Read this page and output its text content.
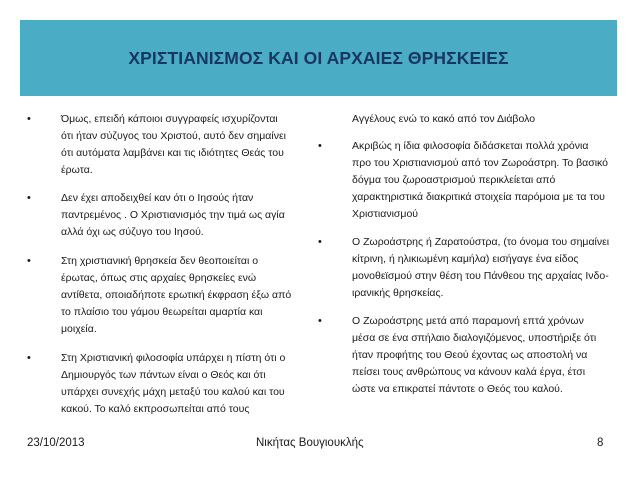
ΧΡΙΣΤΙΑΝΙΣΜΟΣ ΚΑΙ ΟΙ ΑΡΧΑΙΕΣ ΘΡΗΣΚΕΙΕΣ
•	Όμως, επειδή κάποιοι συγγραφείς ισχυρίζονται ότι ήταν σύζυγος του Χριστού, αυτό δεν σημαίνει ότι αυτόματα λαμβάνει και τις ιδιότητες Θεάς του έρωτα.
•	Δεν έχει αποδειχθεί καν ότι ο Ιησούς ήταν παντρεμένος . Ο Χριστιανισμός την τιμά ως αγία αλλά όχι ως σύζυγο του Ιησού.
•	Στη χριστιανική θρησκεία δεν θεοποιείται ο έρωτας, όπως στις αρχαίες θρησκείες ενώ αντίθετα, οποιαδήποτε ερωτική έκφραση έξω από το πλαίσιο του γάμου θεωρείται αμαρτία και μοιχεία.
•	Στη Χριστιανική φιλοσοφία υπάρχει η πίστη ότι ο Δημιουργός των πάντων είναι ο Θεός και ότι υπάρχει συνεχής μάχη μεταξύ του καλού και του κακού. Το καλό εκπροσωπείται από τους
Αγγέλους ενώ το κακό από τον Διάβολο
•	Ακριβώς η ίδια φιλοσοφία διδάσκεται πολλά χρόνια προ του Χριστιανισμού από τον Ζωροάστρη. Το βασικό δόγμα του ζωροαστρισμού περικλείεται από χαρακτηριστικά διακριτικά στοιχεία παρόμοια με τα του Χριστιανισμού
•	Ο Ζωροάστρης ή Ζαρατούστρα, (το όνομα του σημαίνει κίτρινη, ή ηλικιωμένη καμήλα) εισήγαγε ένα είδος μονοθεϊσμού στην θέση του Πάνθεου της αρχαίας Ινδο-ιρανικής θρησκείας.
•	Ο Ζωροάστρης μετά από παραμονή επτά χρόνων μέσα σε ένα σπήλαιο διαλογιζόμενος, υποστήριξε ότι ήταν προφήτης του Θεού έχοντας ως αποστολή να πείσει τους ανθρώπους να κάνουν καλά έργα, έτσι ώστε να επικρατεί πάντοτε ο Θεός του καλού.
23/10/2013	Νικήτας Βουγιουκλής	8
